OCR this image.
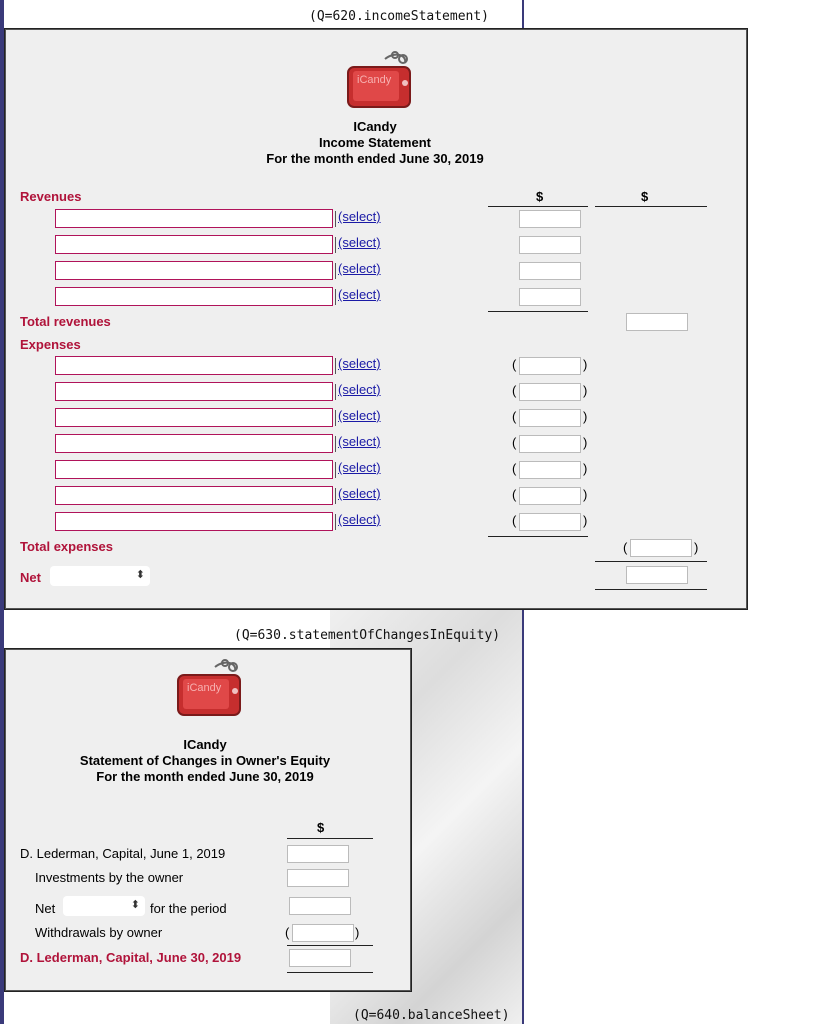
(Q=620.incomeStatement)
iCandy
ICandy
Income Statement
For the month ended June 30, 2019
$	$
Revenues
(select)
(select)
(select)
(select)
Total revenues
Expenses
(select)	(	)
(select)	(	)
(select)	(	)
(select)	(	)
(select)	(	)
(select)	(	)
(select)	(	)
Total expenses	(	)
Net	⬍
(Q=630.statementOfChangesInEquity)
iCandy
ICandy
Statement of Changes in Owner's Equity
For the month ended June 30, 2019
$
D. Lederman, Capital, June 1, 2019
Investments by the owner
Net	⬍ for the period
Withdrawals by owner	(	)
D. Lederman, Capital, June 30, 2019
(Q=640.balanceSheet)
